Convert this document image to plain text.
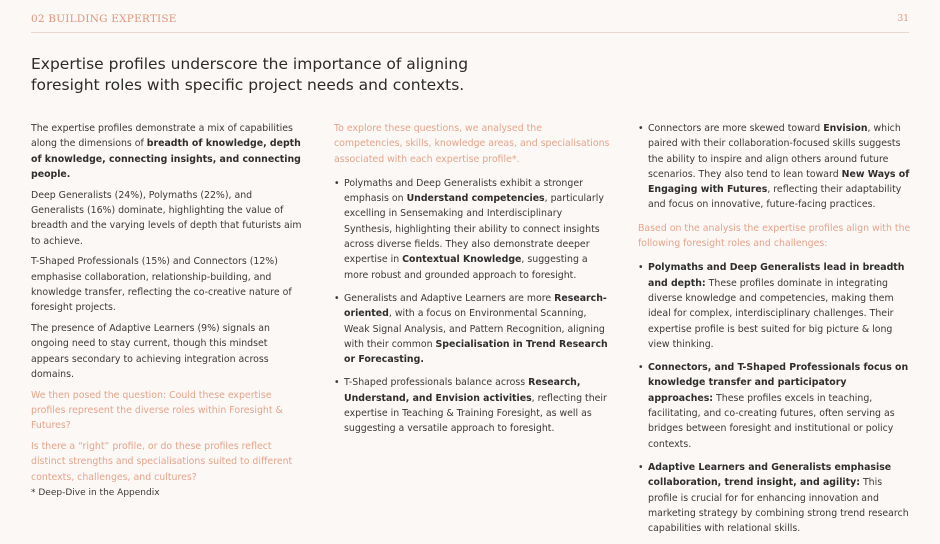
02 BUILDING EXPERTISE	31
Expertise profiles underscore the importance of aligning foresight roles with specific project needs and contexts.

The expertise profiles demonstrate a mix of capabilities along the dimensions of breadth of knowledge, depth of knowledge, connecting insights, and connecting people.

Deep Generalists (24%), Polymaths (22%), and Generalists (16%) dominate, highlighting the value of breadth and the varying levels of depth that futurists aim to achieve.

T-Shaped Professionals (15%) and Connectors (12%) emphasise collaboration, relationship-building, and knowledge transfer, reflecting the co-creative nature of foresight projects.

The presence of Adaptive Learners (9%) signals an ongoing need to stay current, though this mindset appears secondary to achieving integration across domains.

We then posed the question: Could these expertise profiles represent the diverse roles within Foresight & Futures?

Is there a “right” profile, or do these profiles reflect distinct strengths and specialisations suited to different contexts, challenges, and cultures?

To explore these questions, we analysed the competencies, skills, knowledge areas, and specialisations associated with each expertise profile*.

• Polymaths and Deep Generalists exhibit a stronger emphasis on Understand competencies, particularly excelling in Sensemaking and Interdisciplinary Synthesis, highlighting their ability to connect insights across diverse fields. They also demonstrate deeper expertise in Contextual Knowledge, suggesting a more robust and grounded approach to foresight.
• Generalists and Adaptive Learners are more Research-oriented, with a focus on Environmental Scanning, Weak Signal Analysis, and Pattern Recognition, aligning with their common Specialisation in Trend Research or Forecasting.
• T-Shaped professionals balance across Research, Understand, and Envision activities, reflecting their expertise in Teaching & Training Foresight, as well as suggesting a versatile approach to foresight.
• Connectors are more skewed toward Envision, which paired with their collaboration-focused skills suggests the ability to inspire and align others around future scenarios. They also tend to lean toward New Ways of Engaging with Futures, reflecting their adaptability and focus on innovative, future-facing practices.

Based on the analysis the expertise profiles align with the following foresight roles and challenges:

• Polymaths and Deep Generalists lead in breadth and depth: These profiles dominate in integrating diverse knowledge and competencies, making them ideal for complex, interdisciplinary challenges. Their expertise profile is best suited for big picture & long view thinking.
• Connectors, and T-Shaped Professionals focus on knowledge transfer and participatory approaches: These profiles excels in teaching, facilitating, and co-creating futures, often serving as bridges between foresight and institutional or policy contexts.
• Adaptive Learners and Generalists emphasise collaboration, trend insight, and agility: This profile is crucial for for enhancing innovation and marketing strategy by combining strong trend research capabilities with relational skills.
* Deep-Dive in the Appendix
